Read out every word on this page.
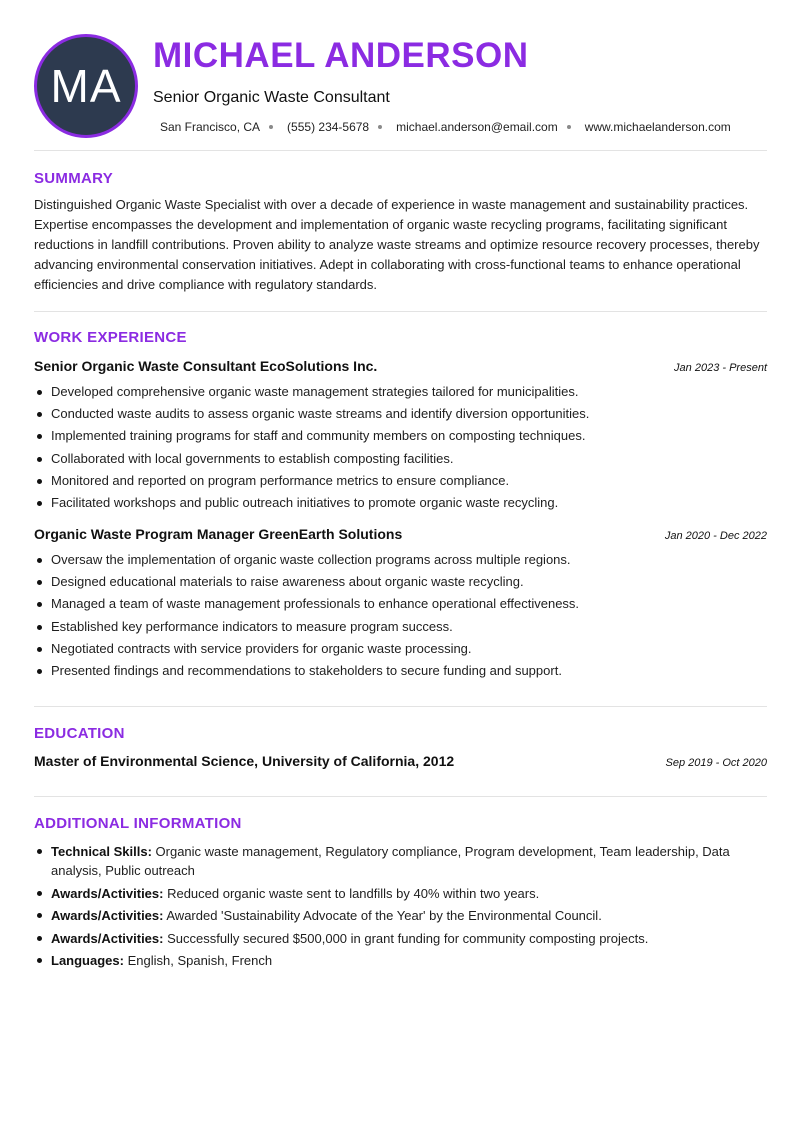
MA
MICHAEL ANDERSON
Senior Organic Waste Consultant
San Francisco, CA (555) 234-5678 michael.anderson@email.com www.michaelanderson.com
SUMMARY

Distinguished Organic Waste Specialist with over a decade of experience in waste management and sustainability practices. Expertise encompasses the development and implementation of organic waste recycling programs, facilitating significant reductions in landfill contributions. Proven ability to analyze waste streams and optimize resource recovery processes, thereby advancing environmental conservation initiatives. Adept in collaborating with cross-functional teams to enhance operational efficiencies and drive compliance with regulatory standards.

WORK EXPERIENCE
Senior Organic Waste Consultant EcoSolutions Inc.	Jan 2023 - Present
Developed comprehensive organic waste management strategies tailored for municipalities.
Conducted waste audits to assess organic waste streams and identify diversion opportunities.
Implemented training programs for staff and community members on composting techniques.
Collaborated with local governments to establish composting facilities.
Monitored and reported on program performance metrics to ensure compliance.
Facilitated workshops and public outreach initiatives to promote organic waste recycling.
Organic Waste Program Manager GreenEarth Solutions	Jan 2020 - Dec 2022
Oversaw the implementation of organic waste collection programs across multiple regions.
Designed educational materials to raise awareness about organic waste recycling.
Managed a team of waste management professionals to enhance operational effectiveness.
Established key performance indicators to measure program success.
Negotiated contracts with service providers for organic waste processing.
Presented findings and recommendations to stakeholders to secure funding and support.
EDUCATION
Master of Environmental Science, University of California, 2012	Sep 2019 - Oct 2020
ADDITIONAL INFORMATION
Technical Skills: Organic waste management, Regulatory compliance, Program development, Team leadership, Data analysis, Public outreach
Awards/Activities: Reduced organic waste sent to landfills by 40% within two years.
Awards/Activities: Awarded 'Sustainability Advocate of the Year' by the Environmental Council.
Awards/Activities: Successfully secured $500,000 in grant funding for community composting projects.
Languages: English, Spanish, French
